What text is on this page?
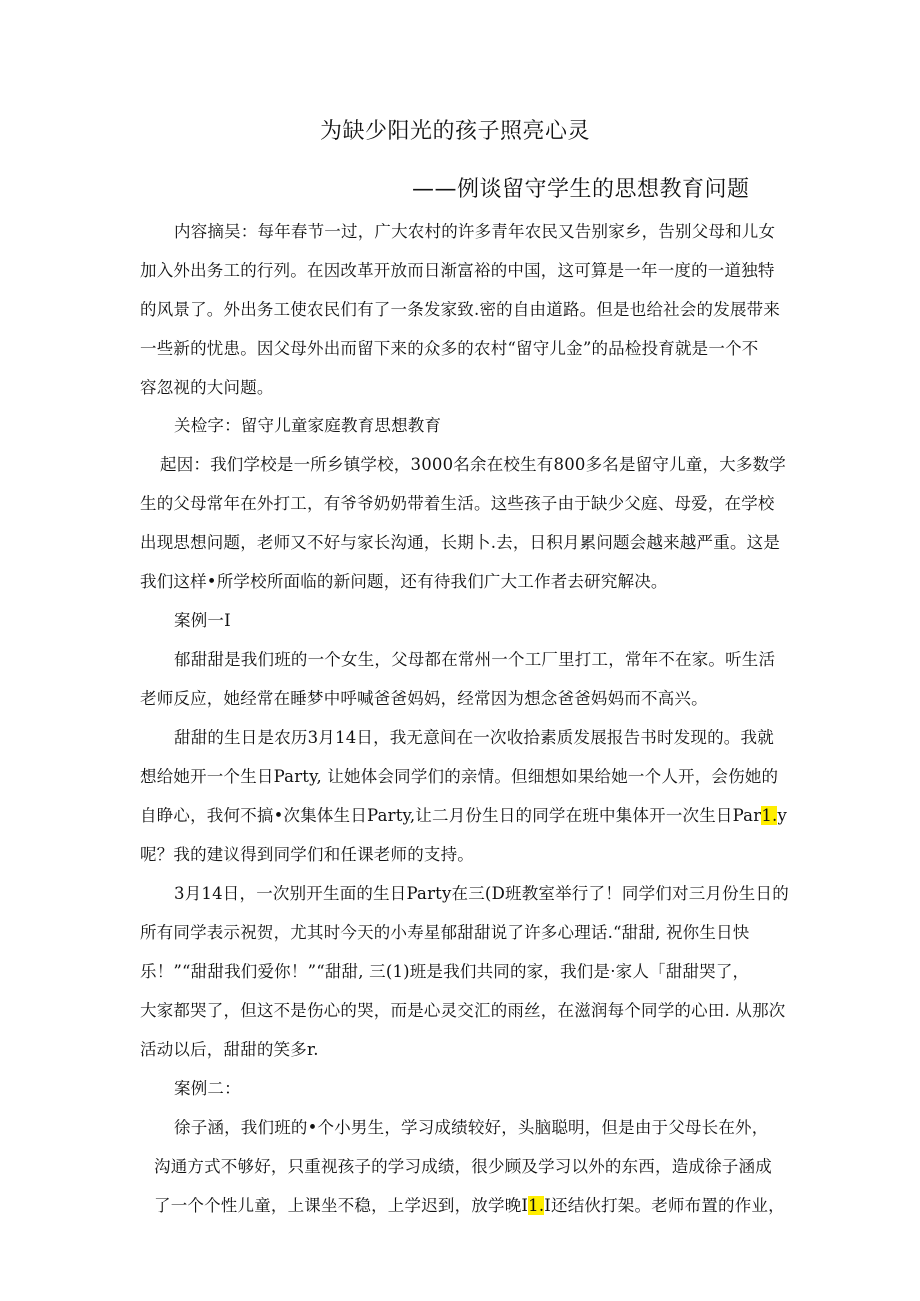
为缺少阳光的孩子照亮心灵
——例谈留守学生的思想教育问题
内容摘吴：每年春节一过，广大农村的许多青年农民又告别家乡，告别父母和儿女
加入外出务工的行列。在因改革开放而日渐富裕的中国，这可算是一年一度的一道独特
的风景了。外出务工使农民们有了一条发家致.密的自由道路。但是也给社会的发展带来
一些新的忧患。因父母外出而留下来的众多的农村“留守儿金”的品检投育就是一个不
容忽视的大问题。
关检字：留守儿童家庭教育思想教育
起因：我们学校是一所乡镇学校，3000名余在校生有800多名是留守儿童，大多数学
生的父母常年在外打工，有爷爷奶奶带着生活。这些孩子由于缺少父庭、母爱，在学校
出现思想问题，老师又不好与家长沟通，长期卜.去，日积月累问题会越来越严重。这是
我们这样•所学校所面临的新问题，还有待我们广大工作者去研究解决。
案例一I
郁甜甜是我们班的一个女生，父母都在常州一个工厂里打工，常年不在家。听生活
老师反应，她经常在睡梦中呼喊爸爸妈妈，经常因为想念爸爸妈妈而不高兴。
甜甜的生日是农历3月14日，我无意间在一次收拾素质发展报告书时发现的。我就
想给她开一个生日Party, 让她体会同学们的亲情。但细想如果给她一个人开，会伤她的
自睁心，我何不搞•次集体生日Party,让二月份生日的同学在班中集体开一次生日Par1.y
呢？我的建议得到同学们和任课老师的支持。
3月14日，一次别开生面的生日Party在三(D班教室举行了！同学们对三月份生日的
所有同学表示祝贺，尤其时今天的小寿星郁甜甜说了许多心理话.“甜甜, 祝你生日快
乐！”“甜甜我们爱你！”“甜甜, 三(1)班是我们共同的家，我们是·家人「甜甜哭了，
大家都哭了，但这不是伤心的哭，而是心灵交汇的雨丝，在滋润每个同学的心田. 从那次
活动以后，甜甜的笑多r.
案例二：
徐子涵，我们班的•个小男生，学习成绩较好，头脑聪明，但是由于父母长在外，
沟通方式不够好，只重视孩子的学习成绩，很少顾及学习以外的东西，造成徐子涵成
了一个个性儿童，上课坐不稳，上学迟到，放学晚I1.I还结伙打架。老师布置的作业，
